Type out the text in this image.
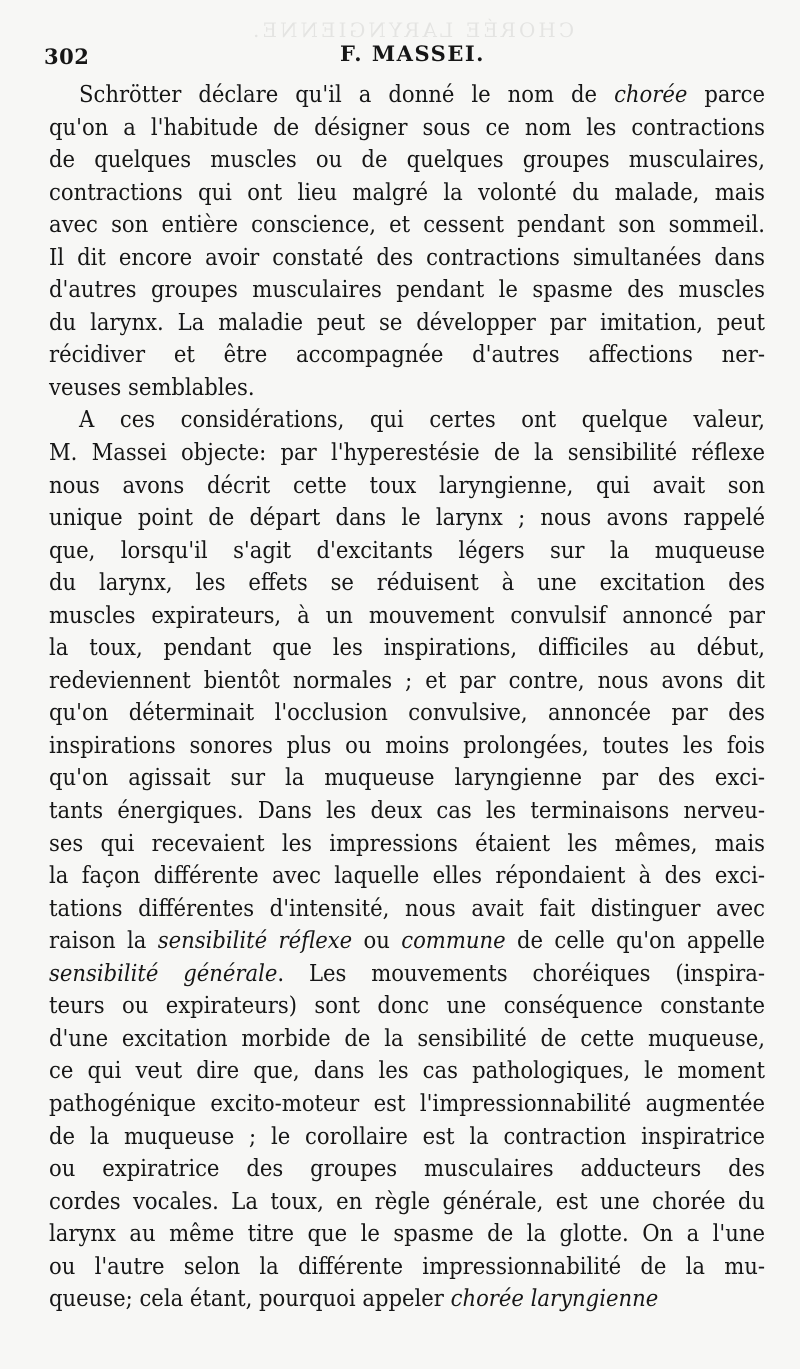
CHORÉE LARYNGIENNE.
302	F. MASSEI.
Schrötter déclare qu'il a donné le nom de chorée parce
qu'on a l'habitude de désigner sous ce nom les contractions
de quelques muscles ou de quelques groupes musculaires,
contractions qui ont lieu malgré la volonté du malade, mais
avec son entière conscience, et cessent pendant son sommeil.
Il dit encore avoir constaté des contractions simultanées dans
d'autres groupes musculaires pendant le spasme des muscles
du larynx. La maladie peut se développer par imitation, peut
récidiver et être accompagnée d'autres affections ner-
veuses semblables.
A ces considérations, qui certes ont quelque valeur,
M. Massei objecte: par l'hyperestésie de la sensibilité réflexe
nous avons décrit cette toux laryngienne, qui avait son
unique point de départ dans le larynx ; nous avons rappelé
que, lorsqu'il s'agit d'excitants légers sur la muqueuse
du larynx, les effets se réduisent à une excitation des
muscles expirateurs, à un mouvement convulsif annoncé par
la toux, pendant que les inspirations, difficiles au début,
redeviennent bientôt normales ; et par contre, nous avons dit
qu'on déterminait l'occlusion convulsive, annoncée par des
inspirations sonores plus ou moins prolongées, toutes les fois
qu'on agissait sur la muqueuse laryngienne par des exci-
tants énergiques. Dans les deux cas les terminaisons nerveu-
ses qui recevaient les impressions étaient les mêmes, mais
la façon différente avec laquelle elles répondaient à des exci-
tations différentes d'intensité, nous avait fait distinguer avec
raison la sensibilité réflexe ou commune de celle qu'on appelle
sensibilité générale. Les mouvements choréiques (inspira-
teurs ou expirateurs) sont donc une conséquence constante
d'une excitation morbide de la sensibilité de cette muqueuse,
ce qui veut dire que, dans les cas pathologiques, le moment
pathogénique excito-moteur est l'impressionnabilité augmentée
de la muqueuse ; le corollaire est la contraction inspiratrice
ou expiratrice des groupes musculaires adducteurs des
cordes vocales. La toux, en règle générale, est une chorée du
larynx au même titre que le spasme de la glotte. On a l'une
ou l'autre selon la différente impressionnabilité de la mu-
queuse; cela étant, pourquoi appeler chorée laryngienne
